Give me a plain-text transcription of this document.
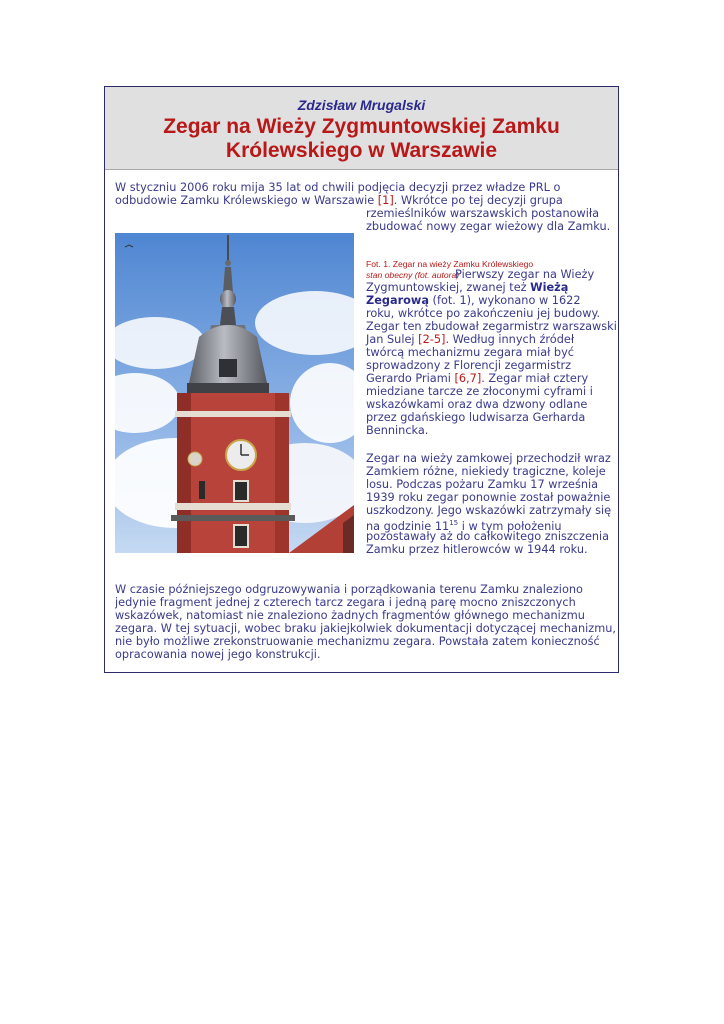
Zdzisław Mrugalski
Zegar na Wieży Zygmuntowskiej Zamku
Królewskiego w Warszawie

W styczniu 2006 roku mija 35 lat od chwili podjęcia decyzji przez władze PRL o

odbudowie Zamku Królewskiego w Warszawie [1]. Wkrótce po tej decyzji grupa

rzemieślników warszawskich postanowiła

zbudować nowy zegar wieżowy dla Zamku.

Fot. 1. Zegar na wieży Zamku Królewskiego
stan obecny (fot. autora)

Pierwszy zegar na Wieży

Zygmuntowskiej, zwanej też Wieżą

Zegarową (fot. 1), wykonano w 1622

roku, wkrótce po zakończeniu jej budowy.

Zegar ten zbudował zegarmistrz warszawski

Jan Sulej [2-5]. Według innych źródeł

twórcą mechanizmu zegara miał być

sprowadzony z Florencji zegarmistrz

Gerardo Priami [6,7]. Zegar miał cztery

miedziane tarcze ze złoconymi cyframi i

wskazówkami oraz dwa dzwony odlane

przez gdańskiego ludwisarza Gerharda

Bennincka.

Zegar na wieży zamkowej przechodził wraz

Zamkiem różne, niekiedy tragiczne, koleje

losu. Podczas pożaru Zamku 17 września

1939 roku zegar ponownie został poważnie

uszkodzony. Jego wskazówki zatrzymały się

na godzinie $11^{15}$ i w tym położeniu

pozostawały aż do całkowitego zniszczenia

Zamku przez hitlerowców w 1944 roku.

W czasie późniejszego odgruzowywania i porządkowania terenu Zamku znaleziono

jedynie fragment jednej z czterech tarcz zegara i jedną parę mocno zniszczonych

wskazówek, natomiast nie znaleziono żadnych fragmentów głównego mechanizmu

zegara. W tej sytuacji, wobec braku jakiejkolwiek dokumentacji dotyczącej mechanizmu,

nie było możliwe zrekonstruowanie mechanizmu zegara. Powstała zatem konieczność

opracowania nowej jego konstrukcji.
